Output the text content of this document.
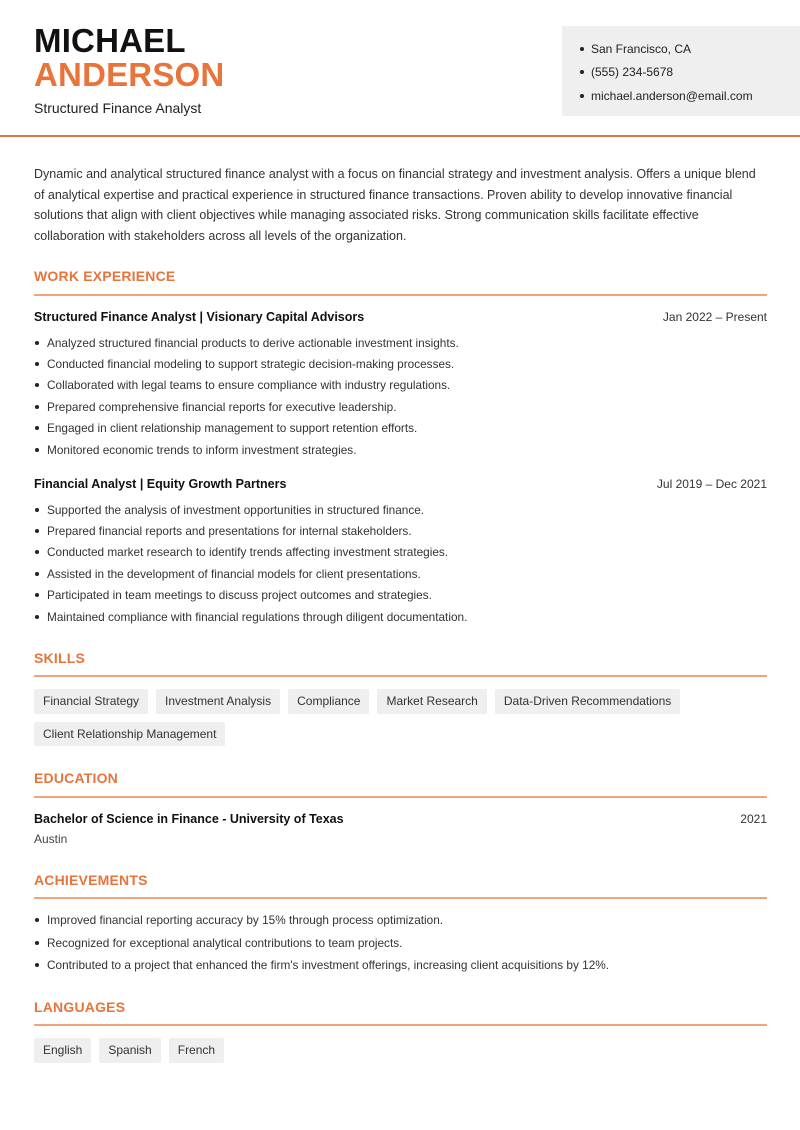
MICHAEL
ANDERSON
Structured Finance Analyst
San Francisco, CA
(555) 234-5678
michael.anderson@email.com

Dynamic and analytical structured finance analyst with a focus on financial strategy and investment analysis. Offers a unique blend of analytical expertise and practical experience in structured finance transactions. Proven ability to develop innovative financial solutions that align with client objectives while managing associated risks. Strong communication skills facilitate effective collaboration with stakeholders across all levels of the organization.

WORK EXPERIENCE
Structured Finance Analyst | Visionary Capital Advisors	Jan 2022 – Present
Analyzed structured financial products to derive actionable investment insights.
Conducted financial modeling to support strategic decision-making processes.
Collaborated with legal teams to ensure compliance with industry regulations.
Prepared comprehensive financial reports for executive leadership.
Engaged in client relationship management to support retention efforts.
Monitored economic trends to inform investment strategies.
Financial Analyst | Equity Growth Partners	Jul 2019 – Dec 2021
Supported the analysis of investment opportunities in structured finance.
Prepared financial reports and presentations for internal stakeholders.
Conducted market research to identify trends affecting investment strategies.
Assisted in the development of financial models for client presentations.
Participated in team meetings to discuss project outcomes and strategies.
Maintained compliance with financial regulations through diligent documentation.
SKILLS
Financial Strategy	Investment Analysis	Compliance	Market Research	Data-Driven Recommendations
Client Relationship Management
EDUCATION
Bachelor of Science in Finance - University of Texas	2021
Austin
ACHIEVEMENTS
Improved financial reporting accuracy by 15% through process optimization.
Recognized for exceptional analytical contributions to team projects.
Contributed to a project that enhanced the firm's investment offerings, increasing client acquisitions by 12%.
LANGUAGES
English	Spanish	French
